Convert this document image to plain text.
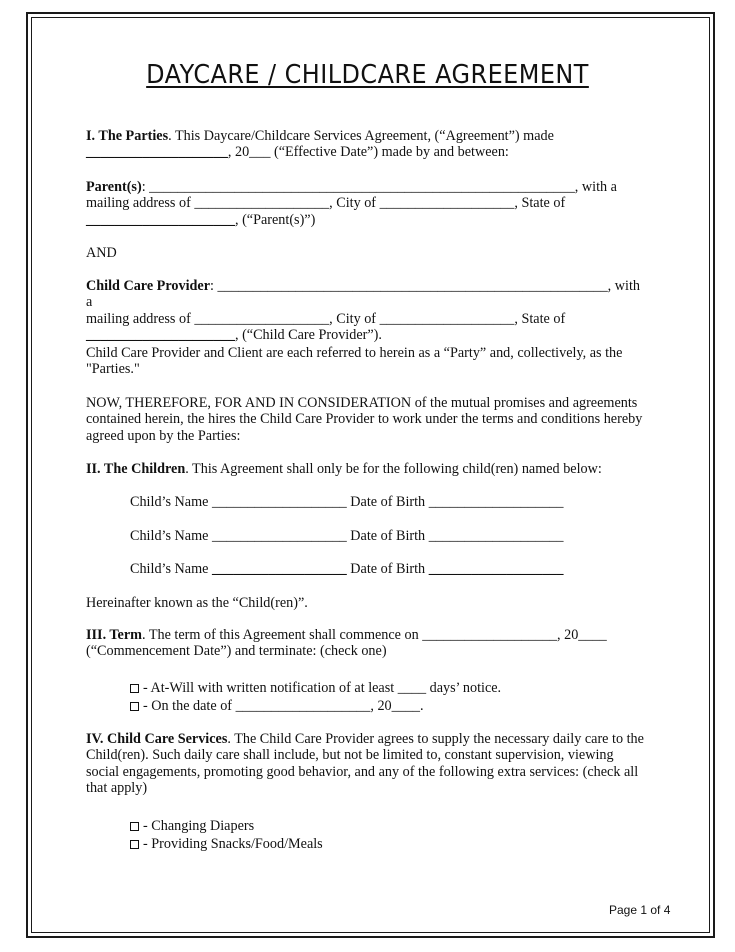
DAYCARE / CHILDCARE AGREEMENT
I. The Parties. This Daycare/Childcare Services Agreement, (“Agreement”) made
____________________, 20___ (“Effective Date”) made by and between:
Parent(s): ____________________________________________________________, with a
mailing address of ___________________, City of ___________________, State of
_____________________, (“Parent(s)”)
AND
Child Care Provider: _______________________________________________________, with a
mailing address of ___________________, City of ___________________, State of
_____________________, (“Child Care Provider”).
Child Care Provider and Client are each referred to herein as a “Party” and, collectively, as the "Parties."
NOW, THEREFORE, FOR AND IN CONSIDERATION of the mutual promises and agreements contained herein, the hires the Child Care Provider to work under the terms and conditions hereby agreed upon by the Parties:
II. The Children. This Agreement shall only be for the following child(ren) named below:
Child’s Name ___________________ Date of Birth ___________________
Child’s Name ___________________ Date of Birth ___________________
Child’s Name ___________________ Date of Birth ___________________
Hereinafter known as the “Child(ren)”.
III. Term. The term of this Agreement shall commence on ___________________, 20____
(“Commencement Date”) and terminate: (check one)
- At-Will with written notification of at least ____ days’ notice.
- On the date of ___________________, 20____.
IV. Child Care Services. The Child Care Provider agrees to supply the necessary daily care to the Child(ren). Such daily care shall include, but not be limited to, constant supervision, viewing social engagements, promoting good behavior, and any of the following extra services: (check all that apply)
- Changing Diapers
- Providing Snacks/Food/Meals
Page 1 of 4
